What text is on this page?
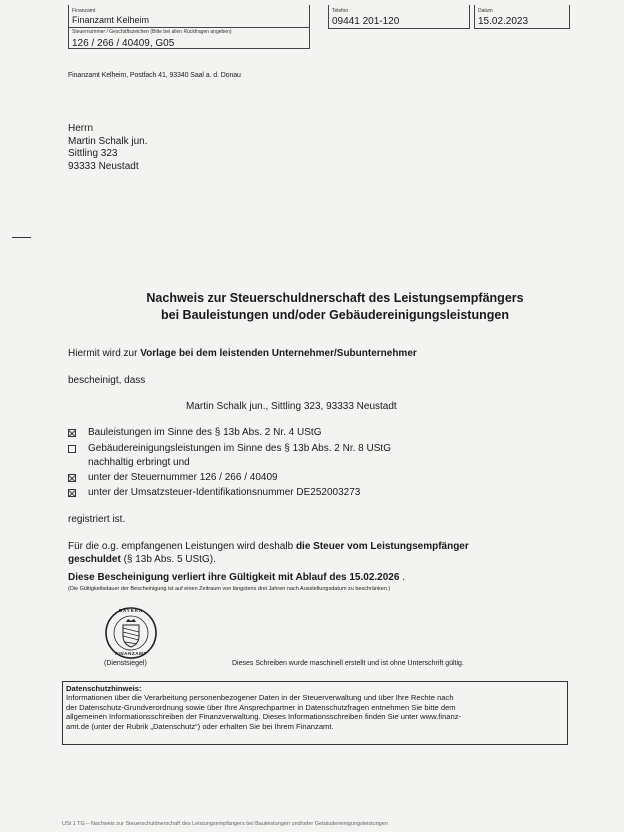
Finanzamt
Finanzamt Kelheim
Steuernummer / Geschäftszeichen (Bitte bei allen Rückfragen angeben)
126 / 266 / 40409, G05
Telefon
09441 201-120
Datum
15.02.2023
Finanzamt Kelheim, Postfach 41, 93340 Saal a. d. Donau
Herrn
Martin Schalk jun.
Sittling 323
93333 Neustadt
Nachweis zur Steuerschuldnerschaft des Leistungsempfängers
bei Bauleistungen und/oder Gebäudereinigungsleistungen
Hiermit wird zur Vorlage bei dem leistenden Unternehmer/Subunternehmer
bescheinigt, dass
Martin Schalk jun., Sittling 323, 93333 Neustadt
Bauleistungen im Sinne des § 13b Abs. 2 Nr. 4 UStG
Gebäudereinigungsleistungen im Sinne des § 13b Abs. 2 Nr. 8 UStG
nachhaltig erbringt und
unter der Steuernummer 126 / 266 / 40409
unter der Umsatzsteuer-Identifikationsnummer DE252003273
registriert ist.
Für die o.g. empfangenen Leistungen wird deshalb die Steuer vom Leistungsempfänger
geschuldet (§ 13b Abs. 5 UStG).
Diese Bescheinigung verliert ihre Gültigkeit mit Ablauf des 15.02.2026 .
(Die Gültigkeitsdauer der Bescheinigung ist auf einen Zeitraum von längstens drei Jahren nach Ausstellungsdatum zu beschränken.)
BAYERN
FINANZAMT
(Dienstsiegel)	Dieses Schreiben wurde maschinell erstellt und ist ohne Unterschrift gültig.
Datenschutzhinweis:
Informationen über die Verarbeitung personenbezogener Daten in der Steuerverwaltung und über Ihre Rechte nach
der Datenschutz-Grundverordnung sowie über Ihre Ansprechpartner in Datenschutzfragen entnehmen Sie bitte dem
allgemeinen Informationsschreiben der Finanzverwaltung. Dieses Informationsschreiben finden Sie unter www.finanz-
amt.de (unter der Rubrik „Datenschutz“) oder erhalten Sie bei Ihrem Finanzamt.
USt 1 TG – Nachweis zur Steuerschuldnerschaft des Leistungsempfängers bei Bauleistungen und/oder Gebäudereinigungsleistungen
